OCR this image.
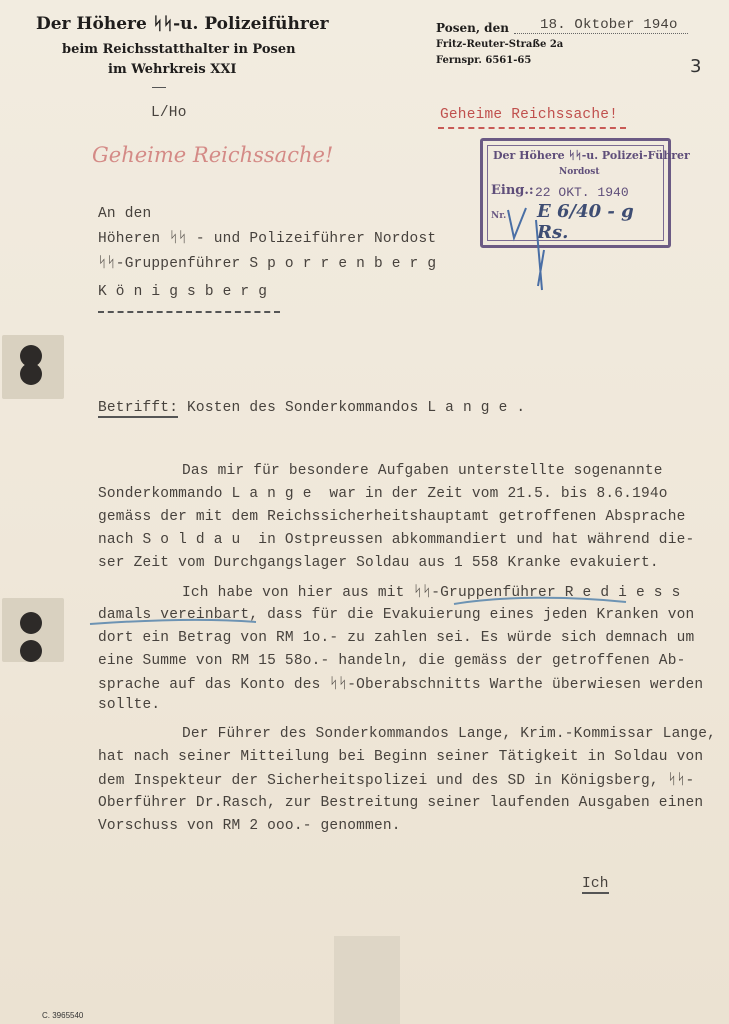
Der Höhere ᛋᛋ-u. Polizeiführer
beim Reichsstatthalter in Posen
im Wehrkreis XXI
Posen, den	18. Oktober 194o
Fritz-Reuter-Straße 2a
Fernspr. 6561-65	3
L/Ho	Geheime Reichssache!
Geheime Reichssache!	Der Höhere ᛋᛋ-u. Polizei-Führer
Nordost
Eing.: 22 OKT. 1940
Nr. E 6/40 - g Rs.
An den
Höheren ᛋᛋ - und Polizeiführer Nordost
ᛋᛋ-Gruppenführer S p o r r e n b e r g
K ö n i g s b e r g
Betrifft: Kosten des Sonderkommandos L a n g e .
Das mir für besondere Aufgaben unterstellte sogenannte
Sonderkommando L a n g e  war in der Zeit vom 21.5. bis 8.6.194o
gemäss der mit dem Reichssicherheitshauptamt getroffenen Absprache
nach S o l d a u  in Ostpreussen abkommandiert und hat während die-
ser Zeit vom Durchgangslager Soldau aus 1 558 Kranke evakuiert.
Ich habe von hier aus mit ᛋᛋ-Gruppenführer R e d i e s s
damals vereinbart, dass für die Evakuierung eines jeden Kranken von
dort ein Betrag von RM 1o.- zu zahlen sei. Es würde sich demnach um
eine Summe von RM 15 58o.- handeln, die gemäss der getroffenen Ab-
sprache auf das Konto des ᛋᛋ-Oberabschnitts Warthe überwiesen werden
sollte.
Der Führer des Sonderkommandos Lange, Krim.-Kommissar Lange,
hat nach seiner Mitteilung bei Beginn seiner Tätigkeit in Soldau von
dem Inspekteur der Sicherheitspolizei und des SD in Königsberg, ᛋᛋ-
Oberführer Dr.Rasch, zur Bestreitung seiner laufenden Ausgaben einen
Vorschuss von RM 2 ooo.- genommen.
Ich
C. 3965540
